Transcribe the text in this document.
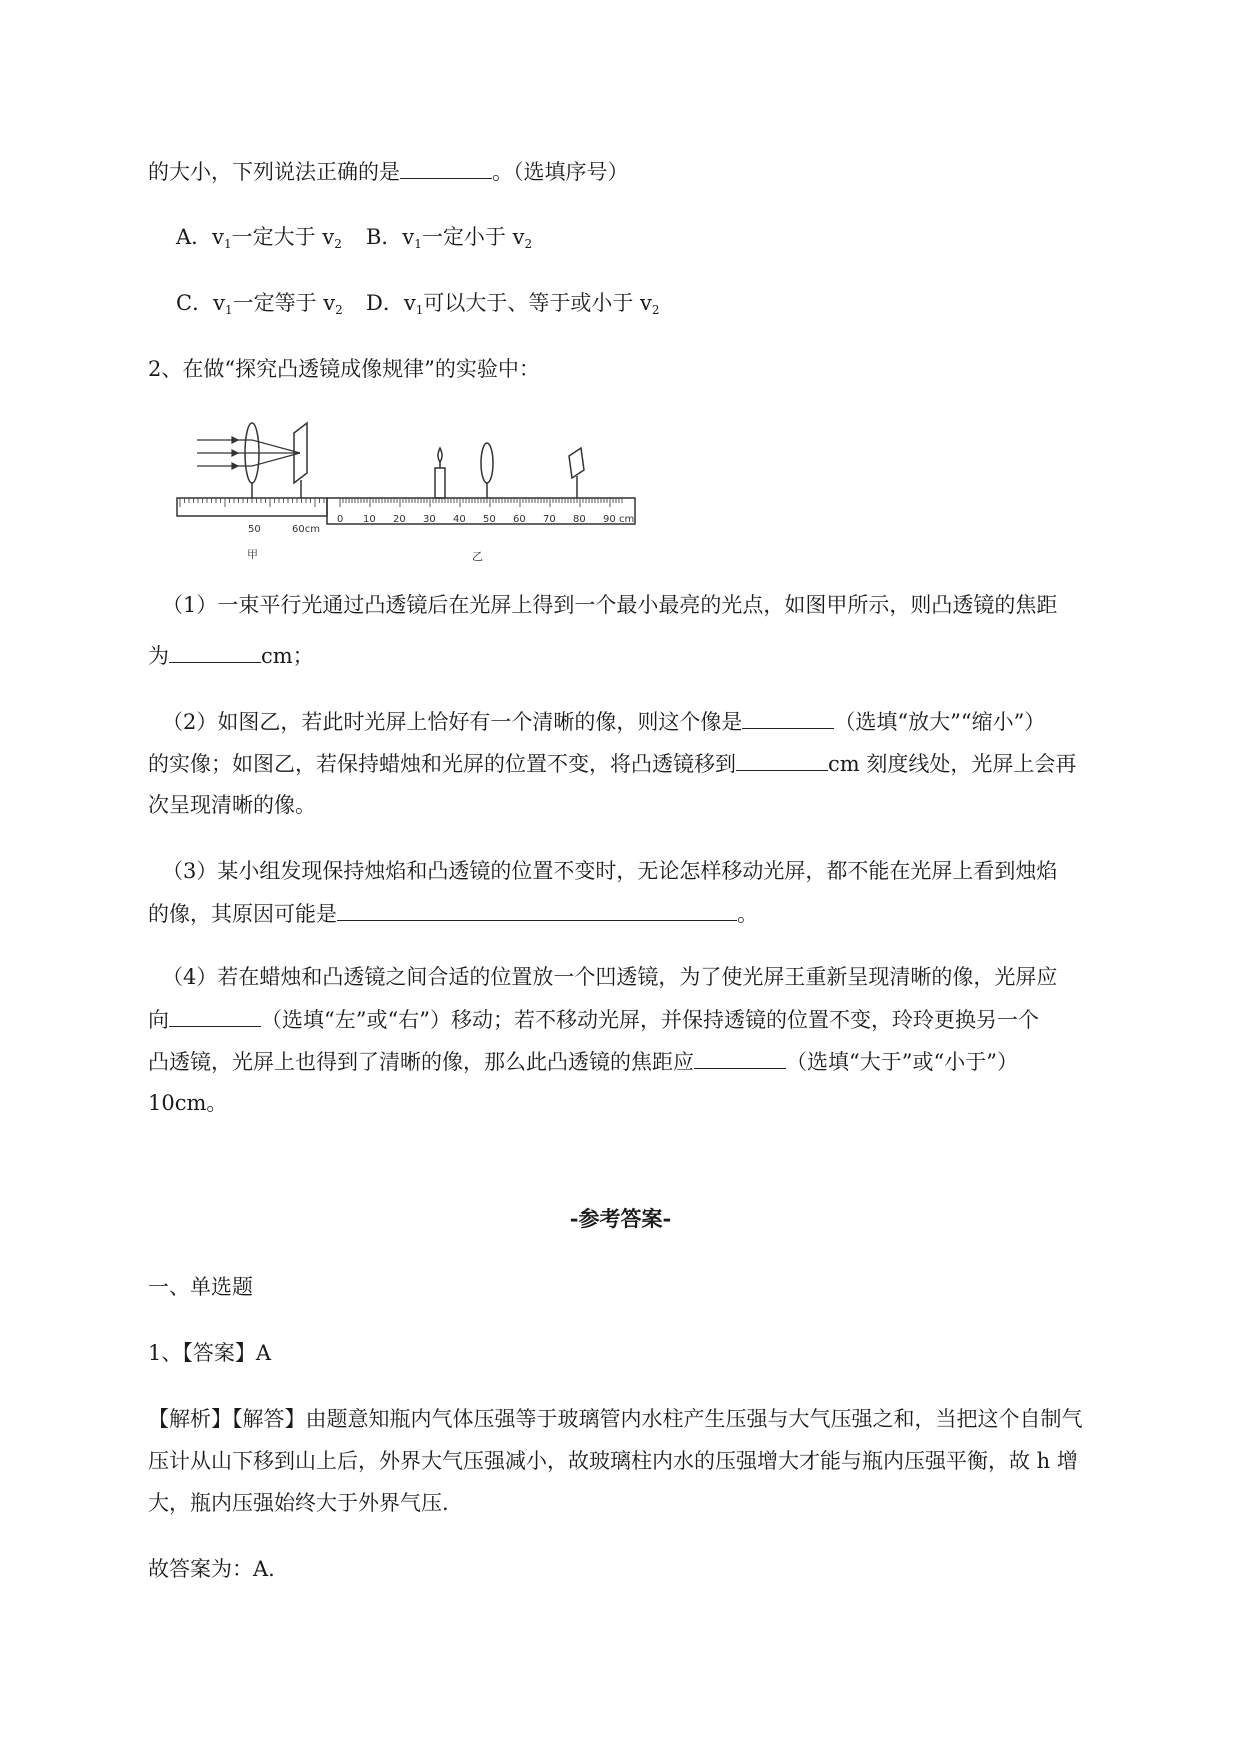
的大小，下列说法正确的是	。（选填序号）
A．$v_1$一定大于 $v_2$ B．$v_1$一定小于 $v_2$
C．$v_1$一定等于 $v_2$ D．$v_1$可以大于、等于或小于 $v_2$
2、在做“探究凸透镜成像规律”的实验中：
50	60cm
甲
0 10 20 30 40 50 60 70 80 90 cm
乙
（1）一束平行光通过凸透镜后在光屏上得到一个最小最亮的光点，如图甲所示，则凸透镜的焦距
为	cm；
（2）如图乙，若此时光屏上恰好有一个清晰的像，则这个像是	（选填“放大”“缩小”）
的实像；如图乙，若保持蜡烛和光屏的位置不变，将凸透镜移到	cm 刻度线处，光屏上会再
次呈现清晰的像。
（3）某小组发现保持烛焰和凸透镜的位置不变时，无论怎样移动光屏，都不能在光屏上看到烛焰
的像，其原因可能是	。
（4）若在蜡烛和凸透镜之间合适的位置放一个凹透镜，为了使光屏王重新呈现清晰的像，光屏应
向	（选填“左”或“右”）移动；若不移动光屏，并保持透镜的位置不变，玲玲更换另一个
凸透镜，光屏上也得到了清晰的像，那么此凸透镜的焦距应	（选填“大于”或“小于”）
10cm。
-参考答案-
一、单选题
1、【答案】A
【解析】【解答】由题意知瓶内气体压强等于玻璃管内水柱产生压强与大气压强之和，当把这个自制气
压计从山下移到山上后，外界大气压强减小，故玻璃柱内水的压强增大才能与瓶内压强平衡，故 h 增
大，瓶内压强始终大于外界气压.
故答案为：A.
